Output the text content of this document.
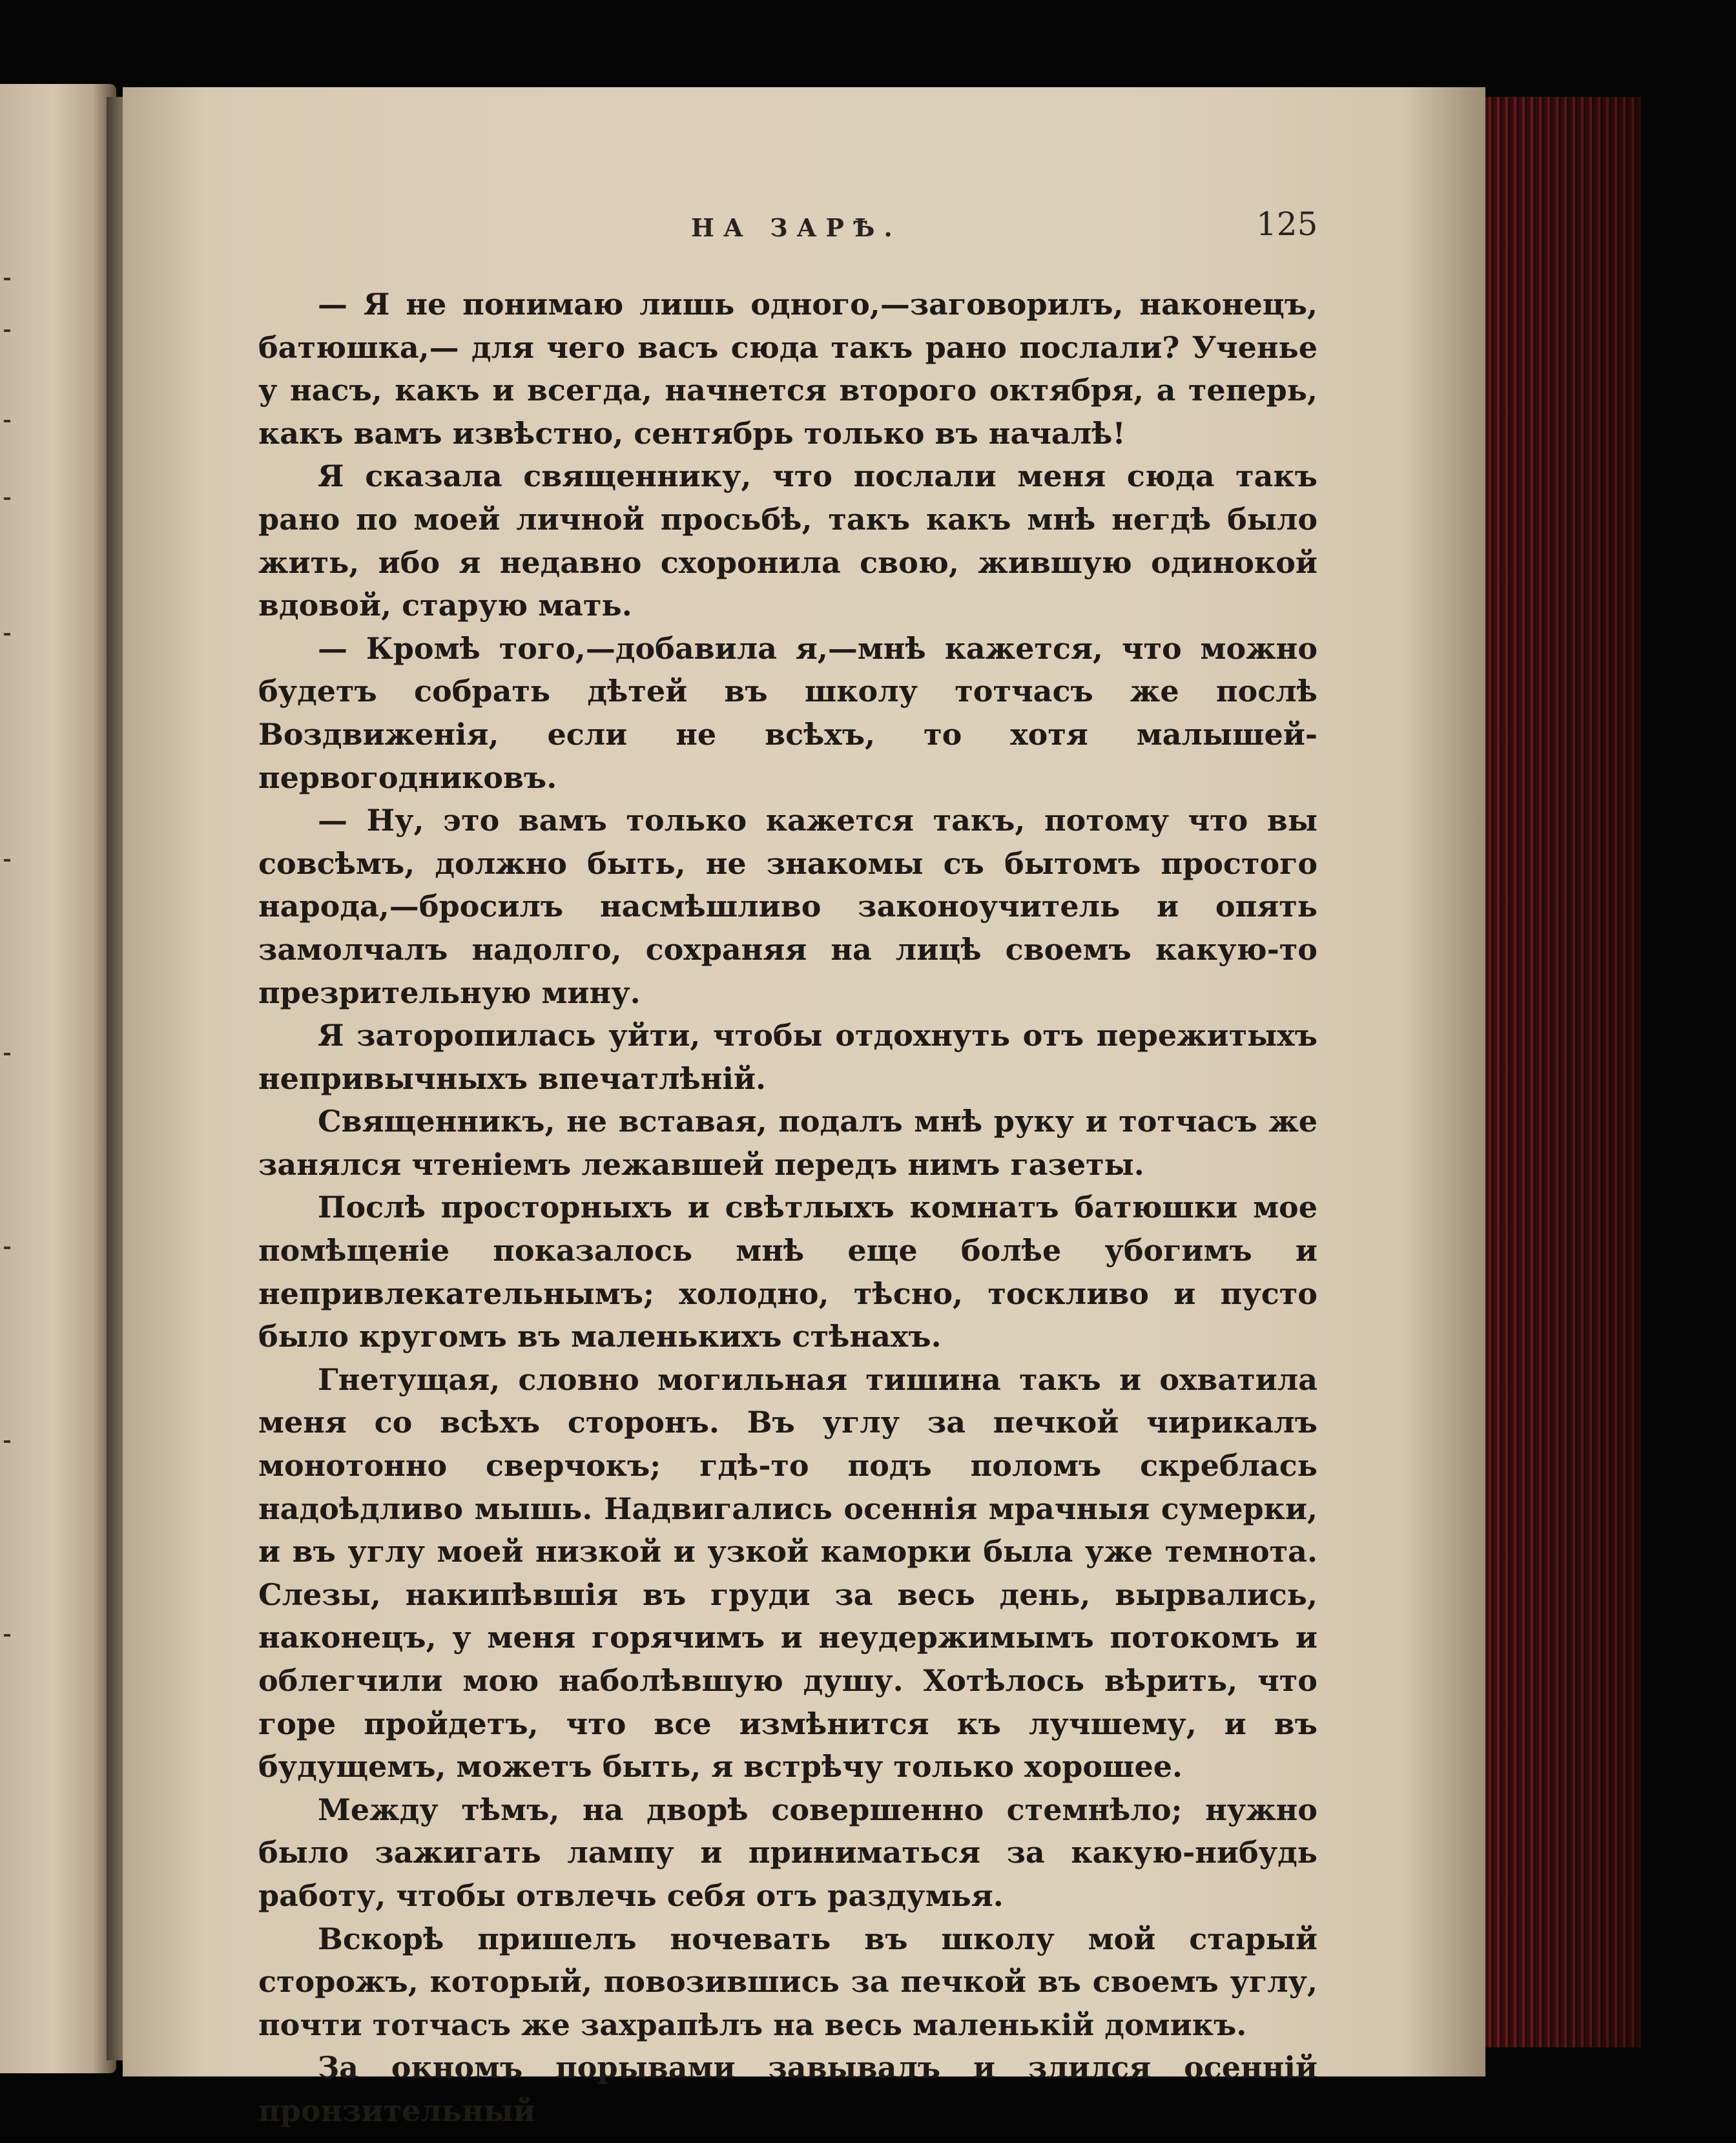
НА ЗАРѢ.	125

— Я не понимаю лишь одного,—заговорилъ, наконецъ, батюшка,— для чего васъ сюда такъ рано послали? Ученье у насъ, какъ и всегда, начнется второго октября, а теперь, какъ вамъ извѣстно, сентябрь только въ началѣ!

Я сказала священнику, что послали меня сюда такъ рано по моей личной просьбѣ, такъ какъ мнѣ негдѣ было жить, ибо я недавно схоронила свою, жившую одинокой вдовой, старую мать.

— Кромѣ того,—добавила я,—мнѣ кажется, что можно будетъ собрать дѣтей въ школу тотчасъ же послѣ Воздвиженія, если не всѣхъ, то хотя малышей-первогодниковъ.

— Ну, это вамъ только кажется такъ, потому что вы совсѣмъ, должно быть, не знакомы съ бытомъ простого народа,—бросилъ насмѣшливо законоучитель и опять замолчалъ надолго, сохраняя на лицѣ своемъ какую-то презрительную мину.

Я заторопилась уйти, чтобы отдохнуть отъ пережитыхъ непривычныхъ впечатлѣній.

Священникъ, не вставая, подалъ мнѣ руку и тотчасъ же занялся чтеніемъ лежавшей передъ нимъ газеты.

Послѣ просторныхъ и свѣтлыхъ комнатъ батюшки мое помѣщеніе показалось мнѣ еще болѣе убогимъ и непривлекательнымъ; холодно, тѣсно, тоскливо и пусто было кругомъ въ маленькихъ стѣнахъ.

Гнетущая, словно могильная тишина такъ и охватила меня со всѣхъ сторонъ. Въ углу за печкой чирикалъ монотонно сверчокъ; гдѣ-то подъ поломъ скреблась надоѣдливо мышь. Надвигались осеннія мрачныя сумерки, и въ углу моей низкой и узкой каморки была уже темнота. Слезы, накипѣвшія въ груди за весь день, вырвались, наконецъ, у меня горячимъ и неудержимымъ потокомъ и облегчили мою наболѣвшую душу. Хотѣлось вѣрить, что горе пройдетъ, что все измѣнится къ лучшему, и въ будущемъ, можетъ быть, я встрѣчу только хорошее.

Между тѣмъ, на дворѣ совершенно стемнѣло; нужно было зажигать лампу и приниматься за какую-нибудь работу, чтобы отвлечь себя отъ раздумья.

Вскорѣ пришелъ ночевать въ школу мой старый сторожъ, который, повозившись за печкой въ своемъ углу, почти тотчасъ же захрапѣлъ на весь маленькій домикъ.

За окномъ порывами завывалъ и злился осенній пронзительный
